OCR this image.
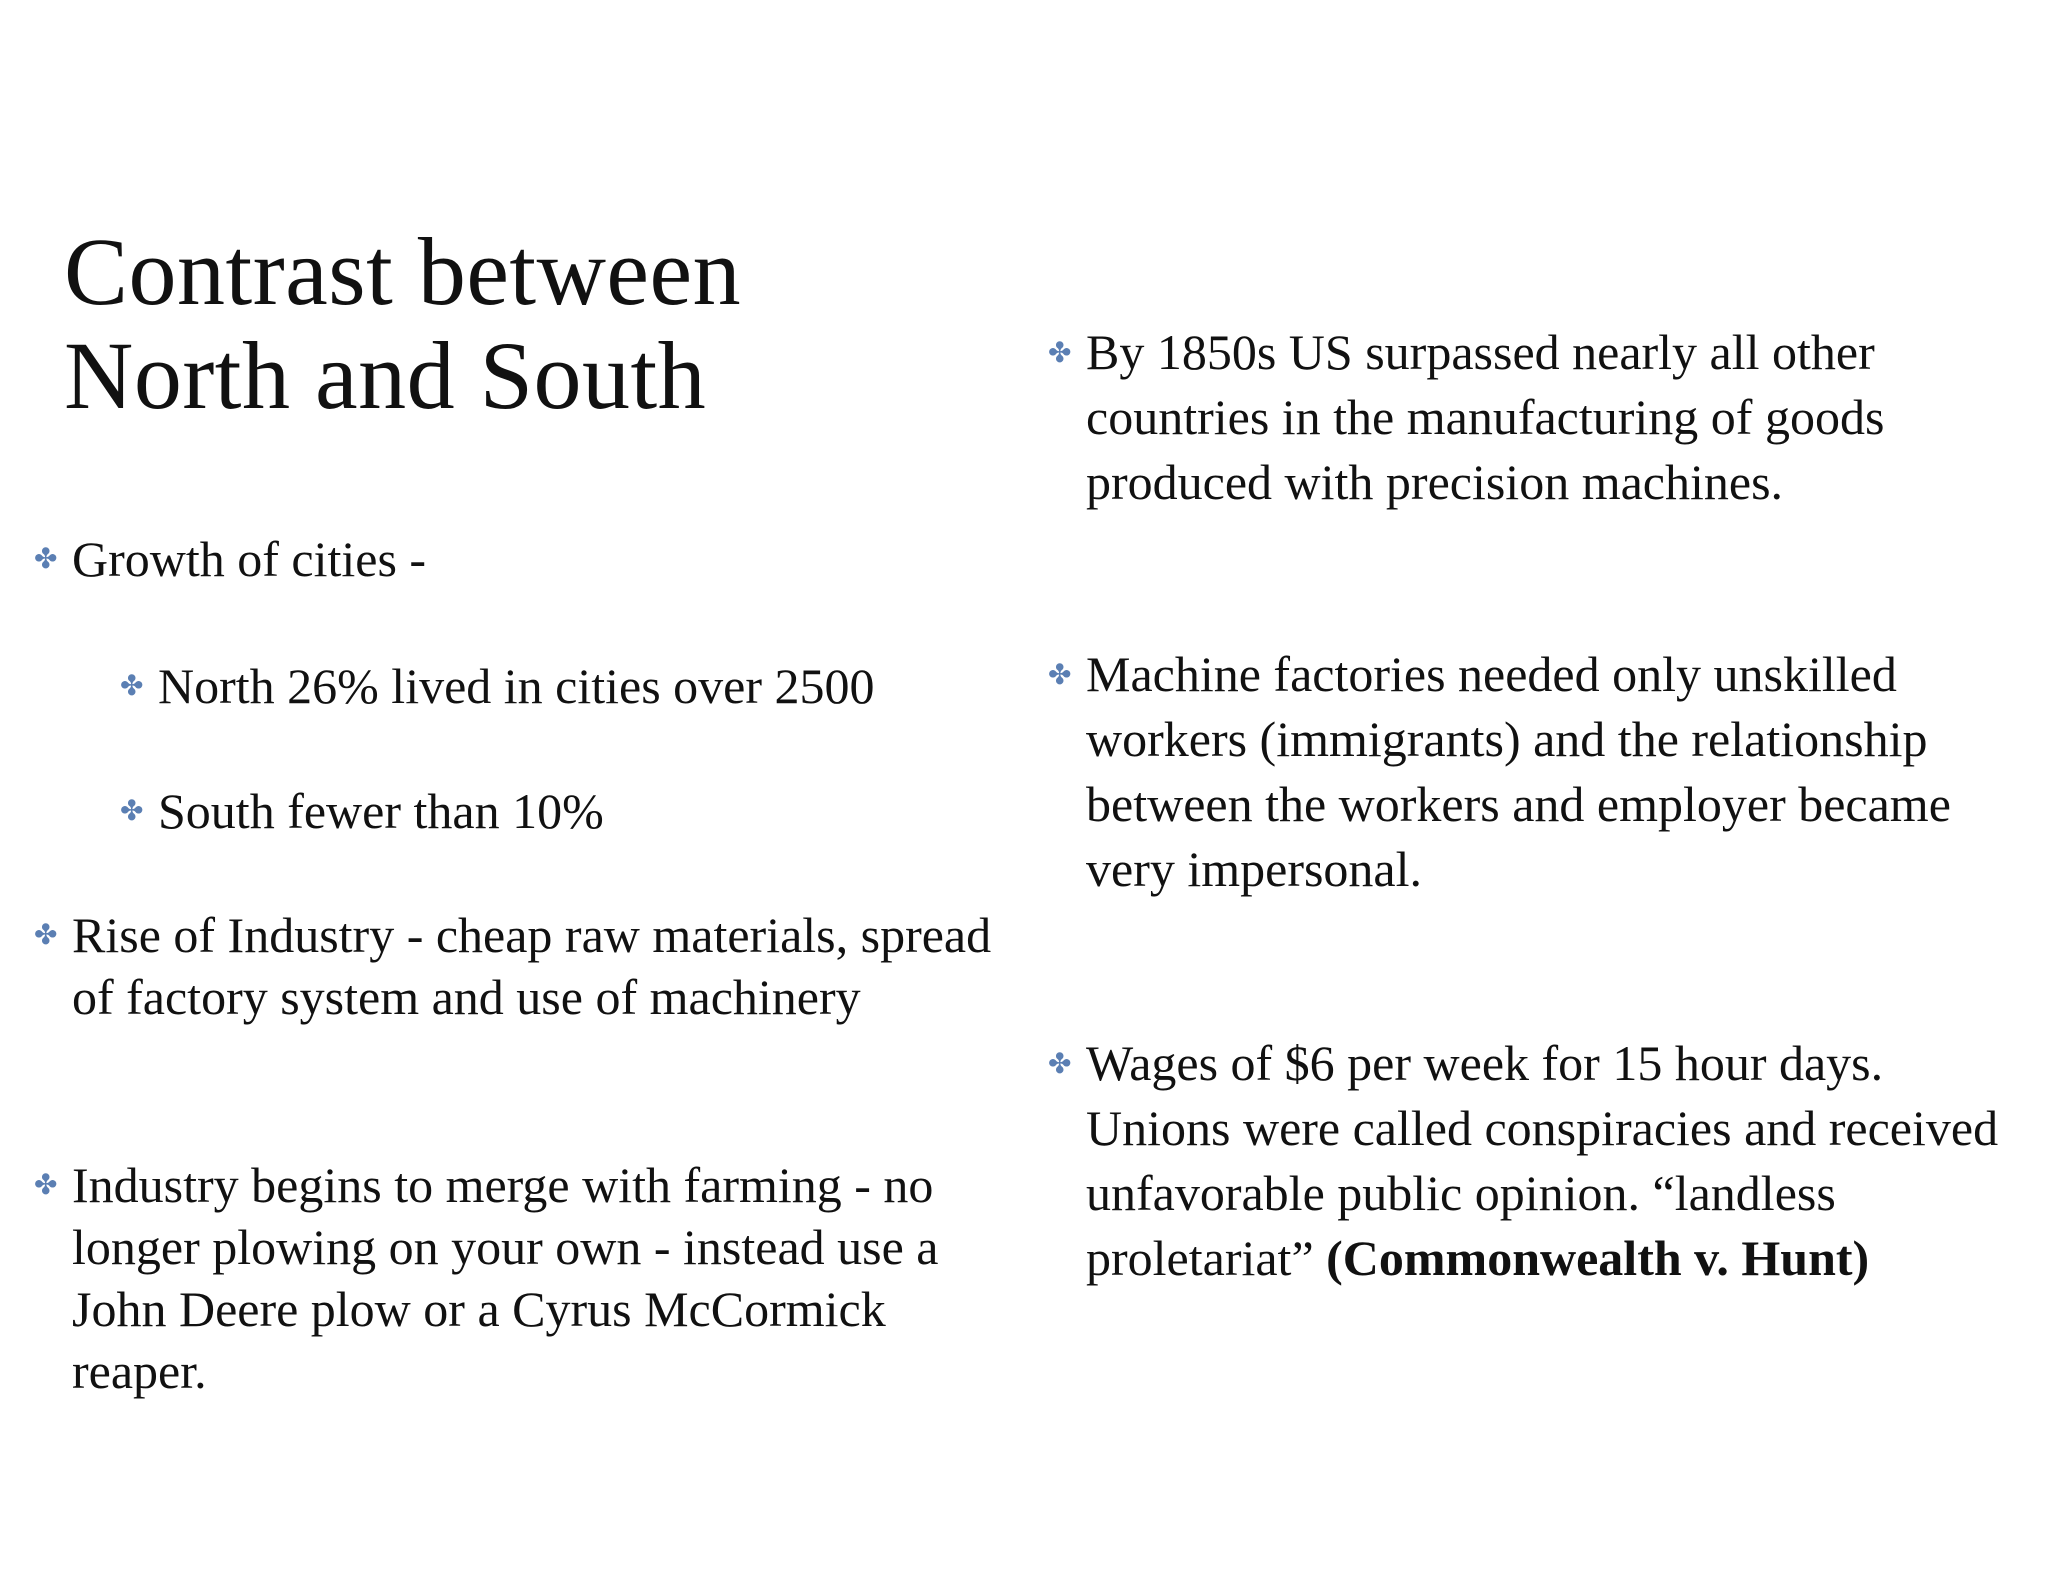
Contrast between
North and South
✤ Growth of cities -
✤ North 26% lived in cities over 2500
✤ South fewer than 10%
✤ Rise of Industry - cheap raw materials, spread of factory system and use of machinery
✤ Industry begins to merge with farming - no longer plowing on your own - instead use a John Deere plow or a Cyrus McCormick reaper.
✤ By 1850s US surpassed nearly all other countries in the manufacturing of goods produced with precision machines.
✤ Machine factories needed only unskilled workers (immigrants) and the relationship between the workers and employer became very impersonal.
✤ Wages of $6 per week for 15 hour days. Unions were called conspiracies and received unfavorable public opinion. “landless proletariat” (Commonwealth v. Hunt)
